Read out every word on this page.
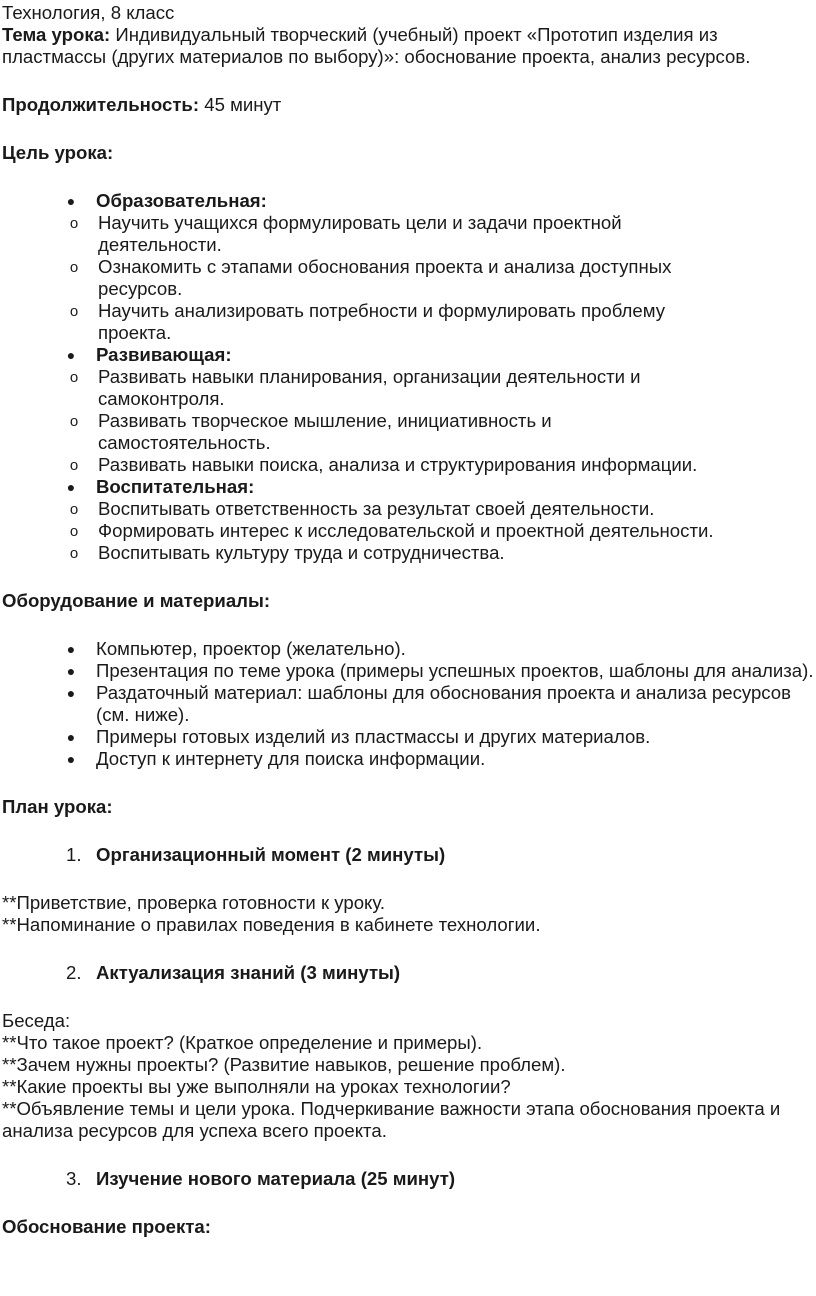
Технология, 8 класс

Тема урока: Индивидуальный творческий (учебный) проект «Прототип изделия из пластмассы (других материалов по выбору)»: обоснование проекта, анализ ресурсов.

Продолжительность: 45 минут

Цель урока:

● Образовательная:
o Научить учащихся формулировать цели и задачи проектной деятельности.
o Ознакомить с этапами обоснования проекта и анализа доступных ресурсов.
o Научить анализировать потребности и формулировать проблему проекта.
● Развивающая:
o Развивать навыки планирования, организации деятельности и самоконтроля.
o Развивать творческое мышление, инициативность и самостоятельность.
o Развивать навыки поиска, анализа и структурирования информации.
● Воспитательная:
o Воспитывать ответственность за результат своей деятельности.
o Формировать интерес к исследовательской и проектной деятельности.
o Воспитывать культуру труда и сотрудничества.

Оборудование и материалы:

● Компьютер, проектор (желательно).
● Презентация по теме урока (примеры успешных проектов, шаблоны для анализа).
● Раздаточный материал: шаблоны для обоснования проекта и анализа ресурсов (см. ниже).
● Примеры готовых изделий из пластмассы и других материалов.
● Доступ к интернету для поиска информации.

План урока:

1. Организационный момент (2 минуты)

**Приветствие, проверка готовности к уроку.

**Напоминание о правилах поведения в кабинете технологии.

2. Актуализация знаний (3 минуты)

Беседа:

**Что такое проект? (Краткое определение и примеры).

**Зачем нужны проекты? (Развитие навыков, решение проблем).

**Какие проекты вы уже выполняли на уроках технологии?

**Объявление темы и цели урока. Подчеркивание важности этапа обоснования проекта и анализа ресурсов для успеха всего проекта.

3. Изучение нового материала (25 минут)

Обоснование проекта:
